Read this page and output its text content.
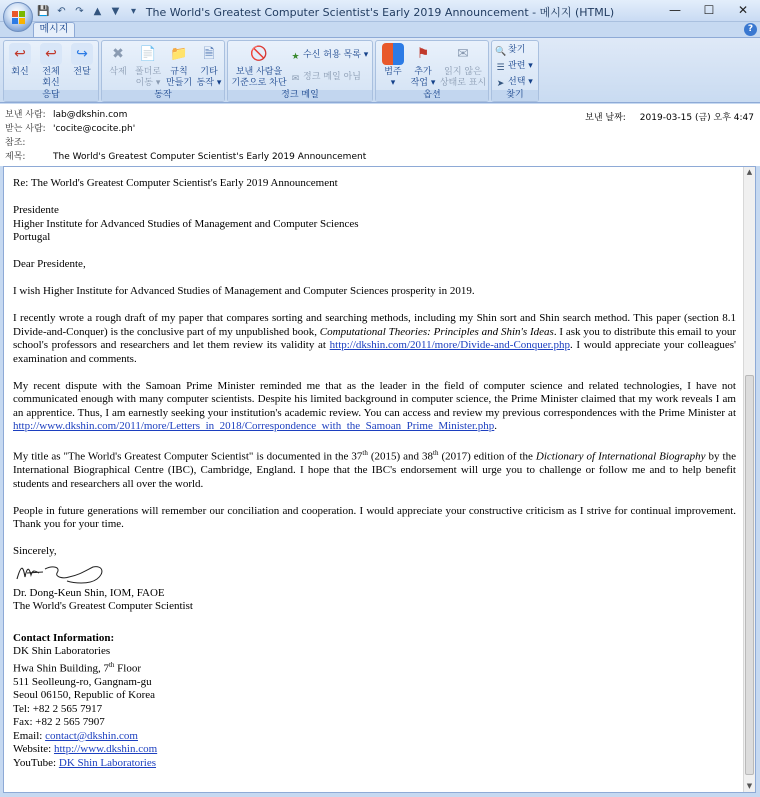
💾 ↶ ↷ ▲	▼	▾ The World's Greatest Computer Scientist's Early 2019 Announcement - 메시지 (HTML)	—	☐	✕
메시지	?
↩
회신
↩
전체
회신
↪
전달
응답
✖
삭제
📄
폴더로
이동 ▾
📁
규칙
만들기
🗎
기타
동작 ▾
동작
🚫
보낸 사람을
기준으로 차단
★ 수신 허용 목록 ▾
✉ 정크 메일 아님
정크 메일
범주
▾
⚑
추가
작업 ▾
✉
읽지 않은
상태로 표시
옵션
🔍 찾기
☰ 관련 ▾
➤ 선택 ▾
찾기
보낸 사람: lab@dkshin.com
받는 사람: 'cocite@cocite.ph'
참조:
제목:	The World's Greatest Computer Scientist's Early 2019 Announcement
보낸 날짜: 2019-03-15 (금) 오후 4:47

Re: The World's Greatest Computer Scientist's Early 2019 Announcement

Presidente
Higher Institute for Advanced Studies of Management and Computer Sciences
Portugal

Dear Presidente,

I wish Higher Institute for Advanced Studies of Management and Computer Sciences prosperity in 2019.

I recently wrote a rough draft of my paper that compares sorting and searching methods, including my Shin sort and Shin search method. This paper (section 8.1 Divide-and-Conquer) is the conclusive part of my unpublished book, Computational Theories: Principles and Shin's Ideas. I ask you to distribute this email to your school's professors and researchers and let them review its validity at http://dkshin.com/2011/more/Divide-and-Conquer.php. I would appreciate your colleagues' examination and comments.

My recent dispute with the Samoan Prime Minister reminded me that as the leader in the field of computer science and related technologies, I have not communicated enough with many computer scientists. Despite his limited background in computer science, the Prime Minister claimed that my work reveals I am an apprentice. Thus, I am earnestly seeking your institution's academic review. You can access and review my previous correspondences with the Prime Minister at http://www.dkshin.com/2011/more/Letters_in_2018/Correspondence_with_the_Samoan_Prime_Minister.php.

My title as "The World's Greatest Computer Scientist" is documented in the 37th (2015) and 38th (2017) edition of the Dictionary of International Biography by the International Biographical Centre (IBC), Cambridge, England. I hope that the IBC's endorsement will urge you to challenge or follow me and to help benefit students and researchers all over the world.

People in future generations will remember our conciliation and cooperation. I would appreciate your constructive criticism as I strive for continual improvement. Thank you for your time.

Sincerely,

Dr. Dong-Keun Shin, IOM, FAOE

The World's Greatest Computer Scientist

Contact Information:

DK Shin Laboratories

Hwa Shin Building, 7th Floor

511 Seolleung-ro, Gangnam-gu

Seoul 06150, Republic of Korea

Tel: +82 2 565 7917

Fax: +82 2 565 7907

Email: contact@dkshin.com

Website: http://www.dkshin.com

YouTube: DK Shin Laboratories

▲
▼
